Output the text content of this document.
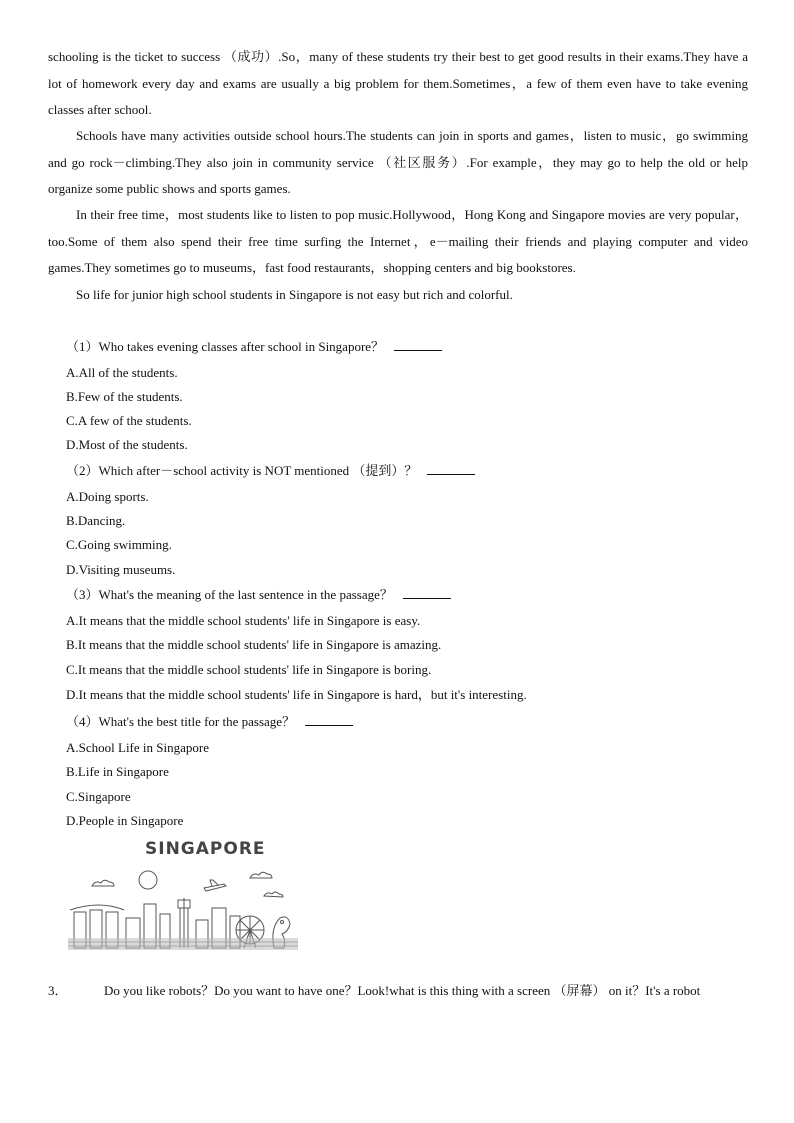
schooling is the ticket to success （成功）.So，many of these students try their best to get good results in their exams.They have a lot of homework every day and exams are usually a big problem for them.Sometimes，a few of them even have to take evening classes after school.

Schools have many activities outside school hours.The students can join in sports and games，listen to music，go swimming and go rock－climbing.They also join in community service （社区服务）.For example，they may go to help the old or help organize some public shows and sports games.

In their free time，most students like to listen to pop music.Hollywood，Hong Kong and Singapore movies are very popular，too.Some of them also spend their free time surfing the Internet，e－mailing their friends and playing computer and video games.They sometimes go to museums，fast food restaurants，shopping centers and big bookstores.

So life for junior high school students in Singapore is not easy but rich and colorful.

（1）Who takes evening classes after school in Singapore？
A.All of the students.
B.Few of the students.
C.A few of the students.
D.Most of the students.
（2）Which after－school activity is NOT mentioned （提到）？
A.Doing sports.
B.Dancing.
C.Going swimming.
D.Visiting museums.
（3）What's the meaning of the last sentence in the passage？
A.It means that the middle school students' life in Singapore is easy.
B.It means that the middle school students' life in Singapore is amazing.
C.It means that the middle school students' life in Singapore is boring.
D.It means that the middle school students' life in Singapore is hard，but it's interesting.
（4）What's the best title for the passage？
A.School Life in Singapore
B.Life in Singapore
C.Singapore
D.People in Singapore
SINGAPORE
3．	Do you like robots？Do you want to have one？Look!what is this thing with a screen （屏幕） on it？It's a robot
